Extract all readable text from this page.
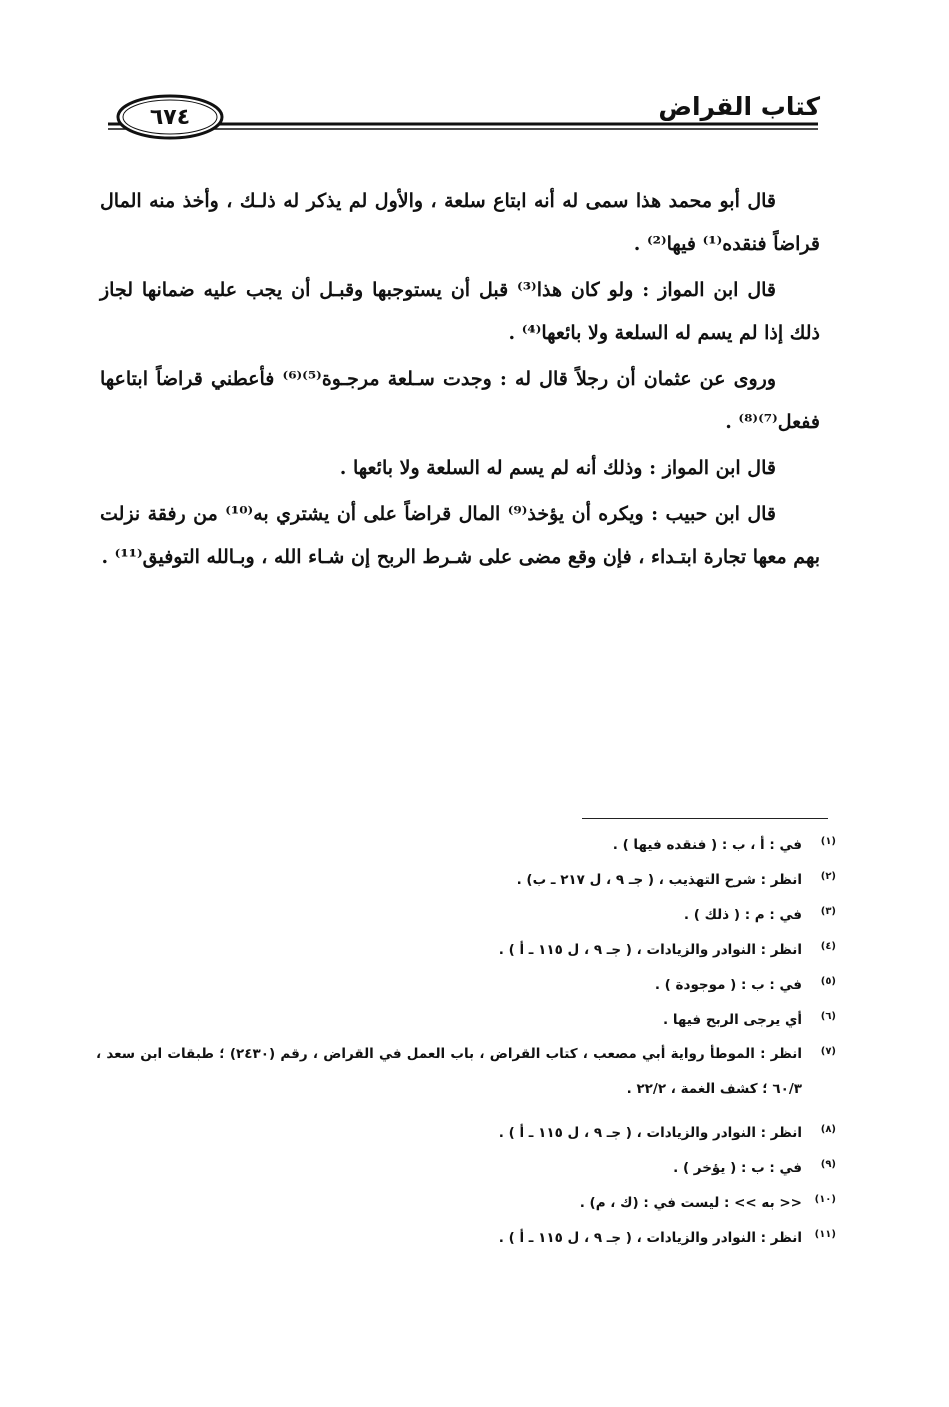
٦٧٤	كتاب القراض

قال أبو محمد هذا سمى له أنه ابتاع سلعة ، والأول لم يذكر له ذلـك ، وأخذ منه المال قراضاً فنقده⁽¹⁾ فيها⁽²⁾ .

قال ابن المواز : ولو كان هذا⁽³⁾ قبل أن يستوجبها وقبـل أن يجب عليه ضمانها لجاز ذلك إذا لم يسم له السلعة ولا بائعها⁽⁴⁾ .

وروى عن عثمان أن رجلاً قال له : وجدت سـلعة مرجـوة⁽⁵⁾⁽⁶⁾ فأعطني قراضاً ابتاعها ففعل⁽⁷⁾⁽⁸⁾ .

قال ابن المواز : وذلك أنه لم يسم له السلعة ولا بائعها .

قال ابن حبيب : ويكره أن يؤخذ⁽⁹⁾ المال قراضاً على أن يشتري به⁽¹⁰⁾ من رفقة نزلت بهم معها تجارة ابتـداء ، فإن وقع مضى على شـرط الربح إن شـاء الله ، وبـالله التوفيق⁽¹¹⁾ .

(١)
في : أ ، ب : ( فنقده فيها ) .
(٢)
انظر : شرح التهذيب ، ( جـ ٩ ، ل ٢١٧ ـ ب) .
(٣)
في : م : ( ذلك ) .
(٤)
انظر : النوادر والزيادات ، ( جـ ٩ ، ل ١١٥ ـ أ ) .
(٥)
في : ب : ( موجودة ) .
(٦)
أي يرجى الربح فيها .
(٧)
انظر : الموطأ رواية أبي مصعب ، كتاب القراض ، باب العمل في القراض ، رقم (٢٤٣٠) ؛ طبقات ابن سعد ، ٦٠/٣ ؛ كشف الغمة ، ٢٢/٢ .
(٨)
انظر : النوادر والزيادات ، ( جـ ٩ ، ل ١١٥ ـ أ ) .
(٩)
في : ب : ( يؤخر ) .
(١٠)
<< به >> : ليست في : (ك ، م) .
(١١)
انظر : النوادر والزيادات ، ( جـ ٩ ، ل ١١٥ ـ أ ) .
